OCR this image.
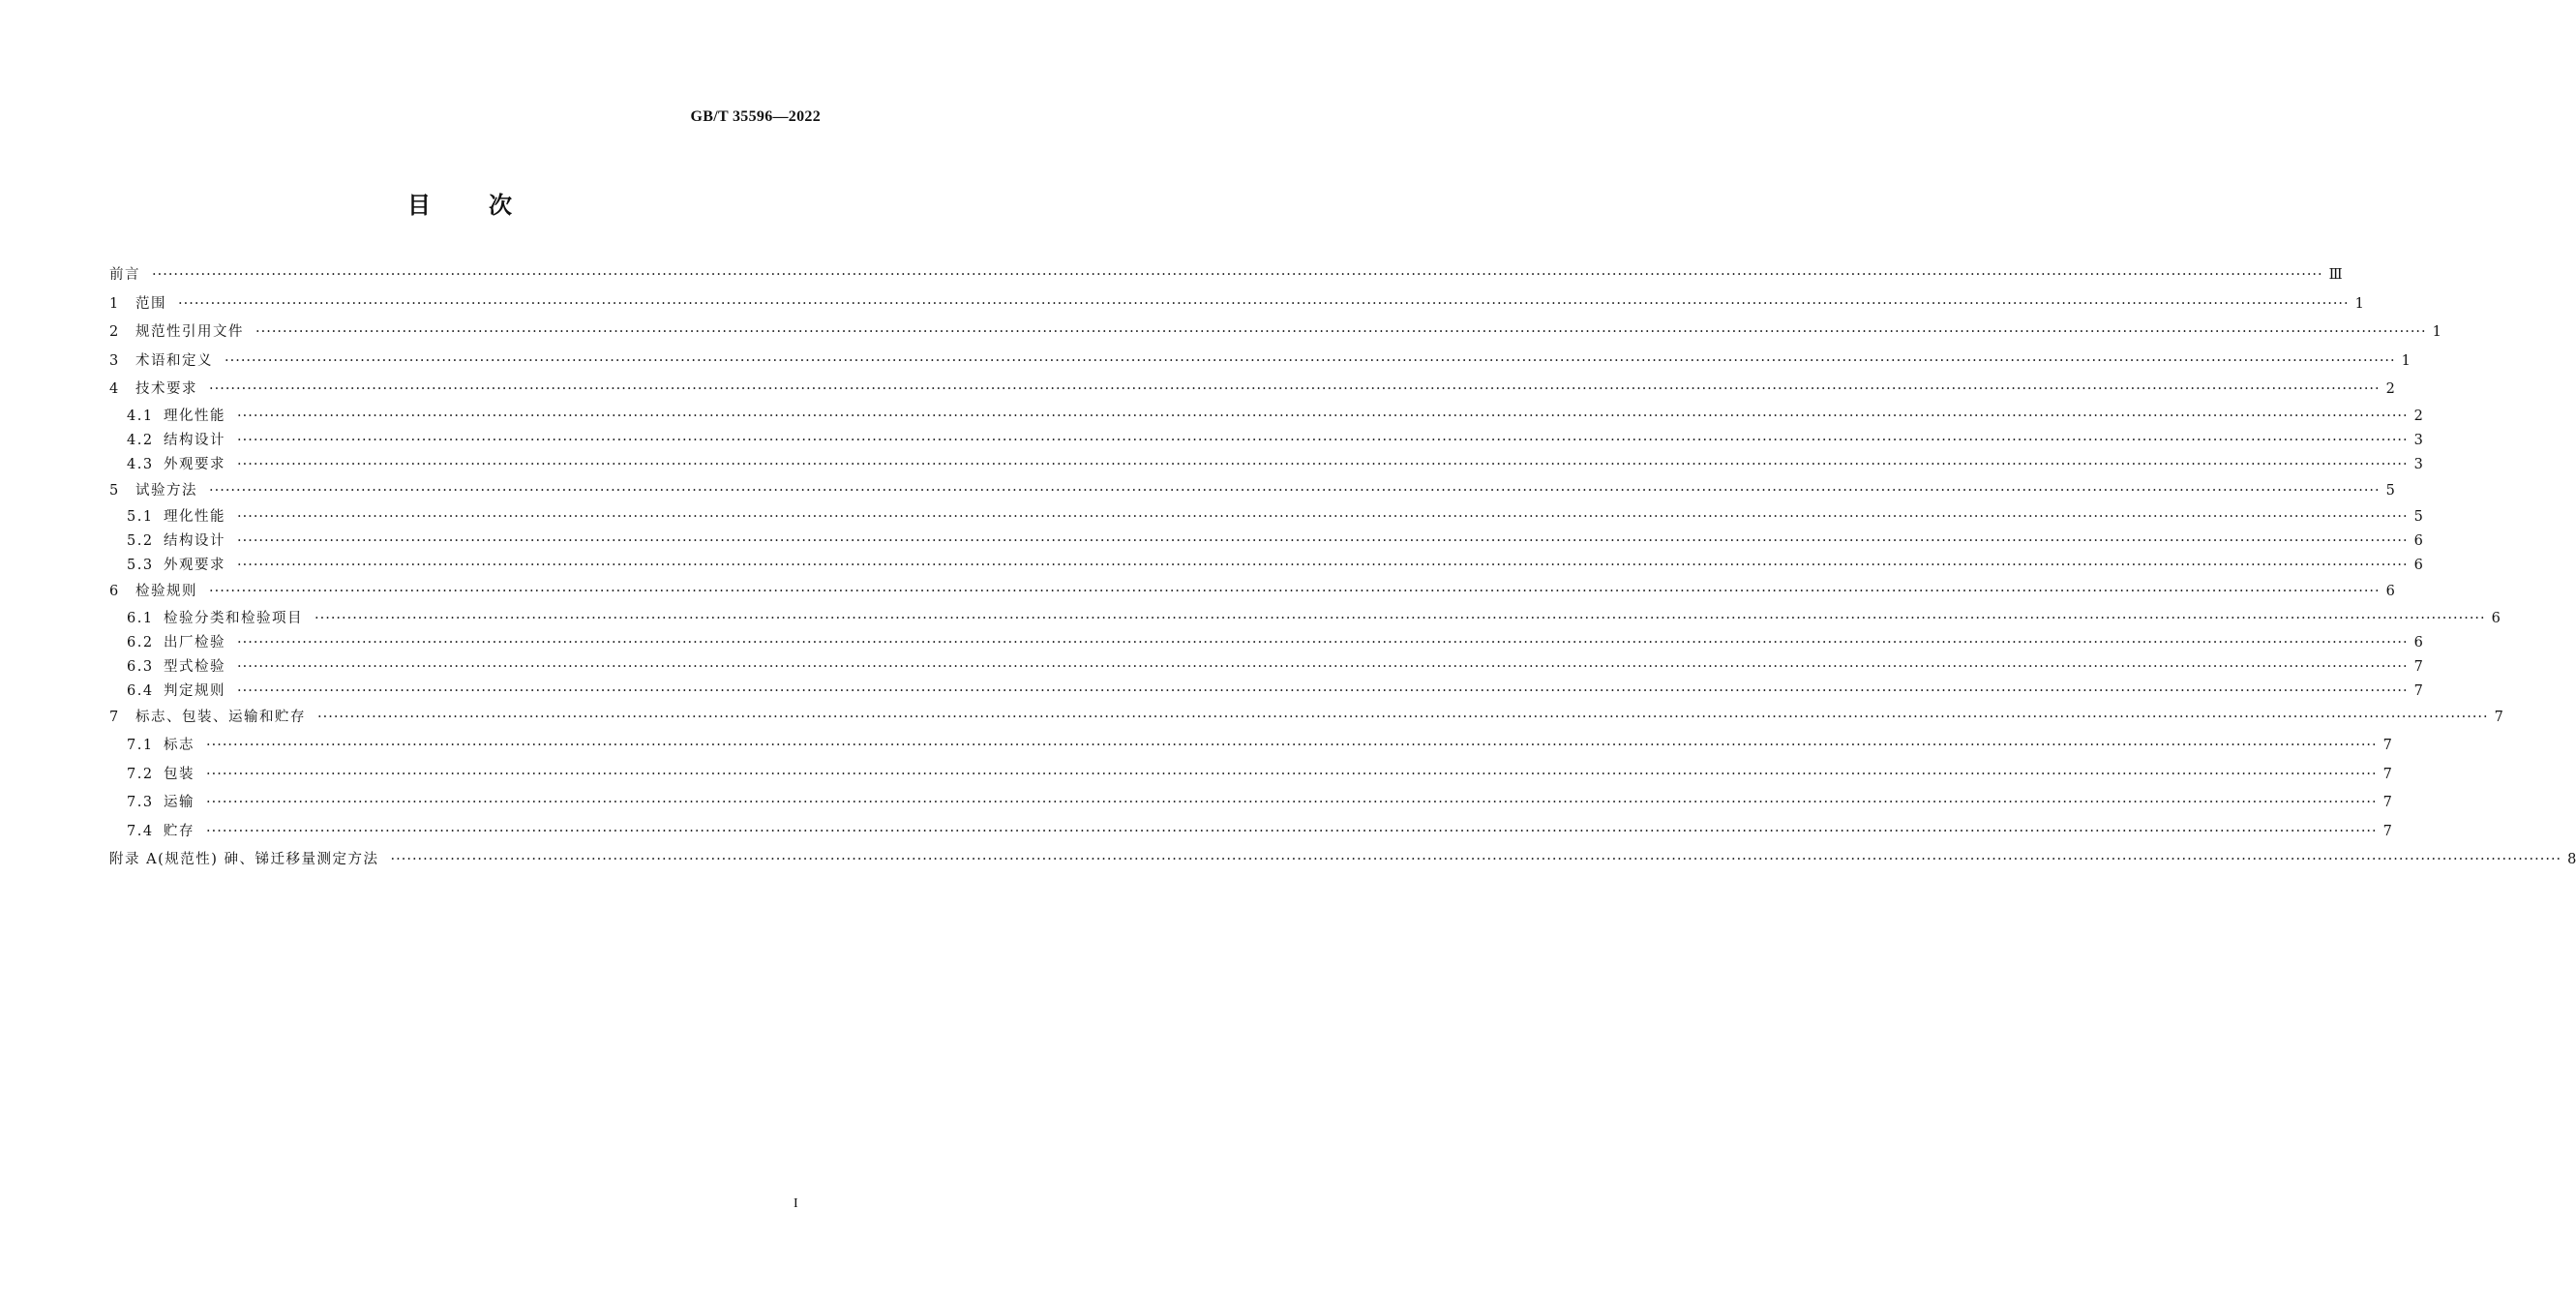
GB/T 35596—2022
目	次
前言 ················································································································································································································································································································································································································ Ⅲ
1	范围 ················································································································································································································································································································································································································ 1
2	规范性引用文件 ················································································································································································································································································································································································································ 1
3	术语和定义 ················································································································································································································································································································································································································ 1
4	技术要求 ················································································································································································································································································································································································································ 2
4.1 理化性能 ················································································································································································································································································································································································································ 2
4.2 结构设计 ················································································································································································································································································································································································································ 3
4.3 外观要求 ················································································································································································································································································································································································································ 3
5	试验方法 ················································································································································································································································································································································································································ 5
5.1 理化性能 ················································································································································································································································································································································································································ 5
5.2 结构设计 ················································································································································································································································································································································································································ 6
5.3 外观要求 ················································································································································································································································································································································································································ 6
6	检验规则 ················································································································································································································································································································································································································ 6
6.1 检验分类和检验项目 ················································································································································································································································································································································································································ 6
6.2 出厂检验 ················································································································································································································································································································································································································ 6
6.3 型式检验 ················································································································································································································································································································································································································ 7
6.4 判定规则 ················································································································································································································································································································································································································ 7
7	标志、包装、运输和贮存 ················································································································································································································································································································································································································ 7
7.1 标志 ················································································································································································································································································································································································································ 7
7.2 包装 ················································································································································································································································································································································································································ 7
7.3 运输 ················································································································································································································································································································································································································ 7
7.4 贮存 ················································································································································································································································································································································································································ 7
附录 A(规范性) 砷、锑迁移量测定方法 ················································································································································································································································································································································································································ 8
I
